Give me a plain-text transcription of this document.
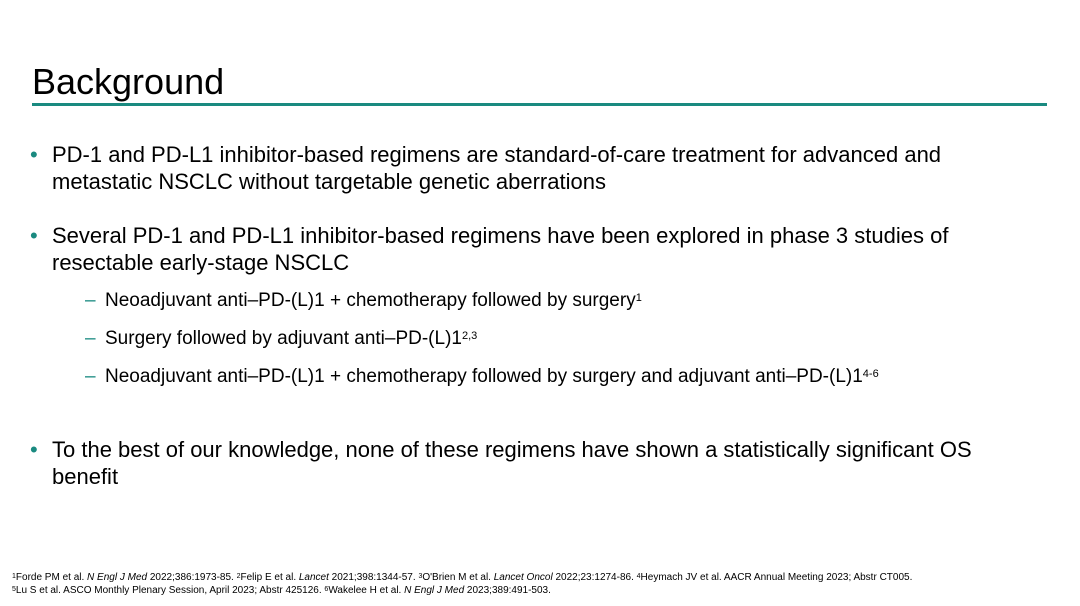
Background
• PD-1 and PD-L1 inhibitor-based regimens are standard-of-care treatment for advanced and metastatic NSCLC without targetable genetic aberrations
• Several PD-1 and PD-L1 inhibitor-based regimens have been explored in phase 3 studies of resectable early-stage NSCLC
– Neoadjuvant anti–PD-(L)1 + chemotherapy followed by surgery$^1$
– Surgery followed by adjuvant anti–PD-(L)1$^{2,3}$
– Neoadjuvant anti–PD-(L)1 + chemotherapy followed by surgery and adjuvant anti–PD-(L)1$^{4-6}$
• To the best of our knowledge, none of these regimens have shown a statistically significant OS benefit
$^1$Forde PM et al. N Engl J Med 2022;386:1973-85. $^2$Felip E et al. Lancet 2021;398:1344-57. $^3$O'Brien M et al. Lancet Oncol 2022;23:1274-86. $^4$Heymach JV et al. AACR Annual Meeting 2023; Abstr CT005.
$^5$Lu S et al. ASCO Monthly Plenary Session, April 2023; Abstr 425126. $^6$Wakelee H et al. N Engl J Med 2023;389:491-503.
